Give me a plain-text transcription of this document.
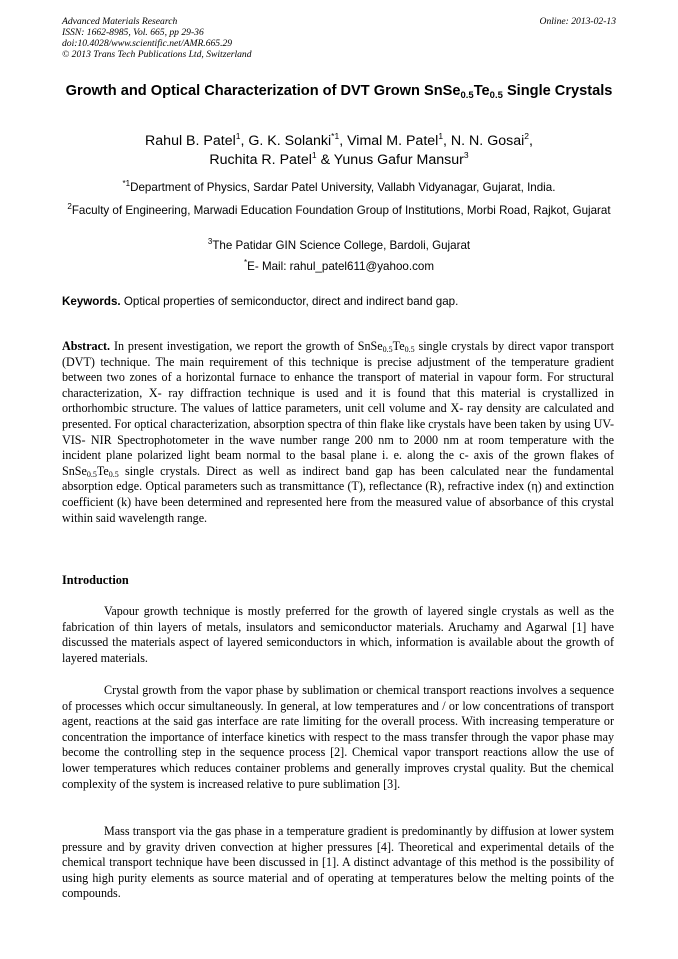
Advanced Materials Research
ISSN: 1662-8985, Vol. 665, pp 29-36
doi:10.4028/www.scientific.net/AMR.665.29
© 2013 Trans Tech Publications Ltd, Switzerland
Online: 2013-02-13
Growth and Optical Characterization of DVT Grown $SnSe_{0.5}Te_{0.5}$ Single Crystals
Rahul B. Patel$^1$, G. K. Solanki$^{*1}$, Vimal M. Patel$^1$, N. N. Gosai$^2$,
Ruchita R. Patel$^1$ & Yunus Gafur Mansur$^3$
$^{*1}$Department of Physics, Sardar Patel University, Vallabh Vidyanagar, Gujarat, India.
$^2$Faculty of Engineering, Marwadi Education Foundation Group of Institutions, Morbi Road, Rajkot, Gujarat
$^3$The Patidar GIN Science College, Bardoli, Gujarat
*E- Mail: rahul_patel611@yahoo.com
Keywords. Optical properties of semiconductor, direct and indirect band gap.
Abstract. In present investigation, we report the growth of $SnSe_{0.5}Te_{0.5}$ single crystals by direct vapor transport (DVT) technique. The main requirement of this technique is precise adjustment of the temperature gradient between two zones of a horizontal furnace to enhance the transport of material in vapour form. For structural characterization, X- ray diffraction technique is used and it is found that this material is crystallized in orthorhombic structure. The values of lattice parameters, unit cell volume and X- ray density are calculated and presented. For optical characterization, absorption spectra of thin flake like crystals have been taken by using UV- VIS- NIR Spectrophotometer in the wave number range 200 nm to 2000 nm at room temperature with the incident plane polarized light beam normal to the basal plane i. e. along the c- axis of the grown flakes of $SnSe_{0.5}Te_{0.5}$ single crystals. Direct as well as indirect band gap has been calculated near the fundamental absorption edge. Optical parameters such as transmittance (T), reflectance (R), refractive index (η) and extinction coefficient (k) have been determined and represented here from the measured value of absorbance of this crystal within said wavelength range.
Introduction
Vapour growth technique is mostly preferred for the growth of layered single crystals as well as the fabrication of thin layers of metals, insulators and semiconductor materials. Aruchamy and Agarwal [1] have discussed the materials aspect of layered semiconductors in which, information is available about the growth of layered materials.
Crystal growth from the vapor phase by sublimation or chemical transport reactions involves a sequence of processes which occur simultaneously. In general, at low temperatures and / or low concentrations of transport agent, reactions at the said gas interface are rate limiting for the overall process. With increasing temperature or concentration the importance of interface kinetics with respect to the mass transfer through the vapor phase may become the controlling step in the sequence process [2]. Chemical vapor transport reactions allow the use of lower temperatures which reduces container problems and generally improves crystal quality. But the chemical complexity of the system is increased relative to pure sublimation [3].
Mass transport via the gas phase in a temperature gradient is predominantly by diffusion at lower system pressure and by gravity driven convection at higher pressures [4]. Theoretical and experimental details of the chemical transport technique have been discussed in [1]. A distinct advantage of this method is the possibility of using high purity elements as source material and of operating at temperatures below the melting points of the compounds.
